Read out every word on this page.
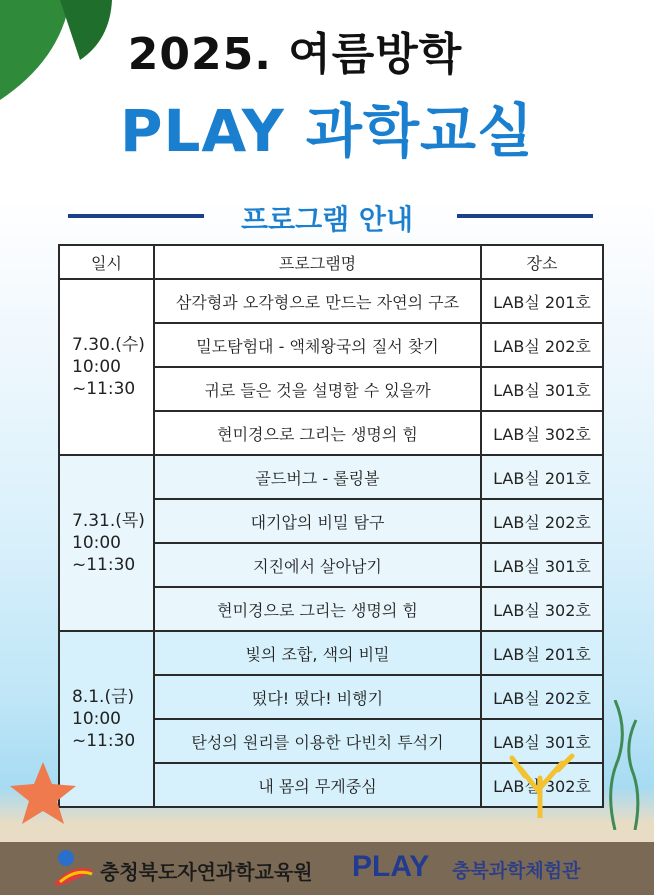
2025. 여름방학
PLAY 과학교실
프로그램 안내
일시	프로그램명	장소
7.30.(수)
10:00
~11:30	삼각형과 오각형으로 만드는 자연의 구조	LAB실 201호
	밀도탐험대 - 액체왕국의 질서 찾기	LAB실 202호
	귀로 들은 것을 설명할 수 있을까	LAB실 301호
	현미경으로 그리는 생명의 힘	LAB실 302호
7.31.(목)
10:00
~11:30	골드버그 - 롤링볼	LAB실 201호
	대기압의 비밀 탐구	LAB실 202호
	지진에서 살아남기	LAB실 301호
	현미경으로 그리는 생명의 힘	LAB실 302호
8.1.(금)
10:00
~11:30	빛의 조합, 색의 비밀	LAB실 201호
	떴다! 떴다! 비행기	LAB실 202호
	탄성의 원리를 이용한 다빈치 투석기	LAB실 301호
	내 몸의 무게중심	LAB실 302호
충청북도자연과학교육원 PLAY 충북과학체험관
